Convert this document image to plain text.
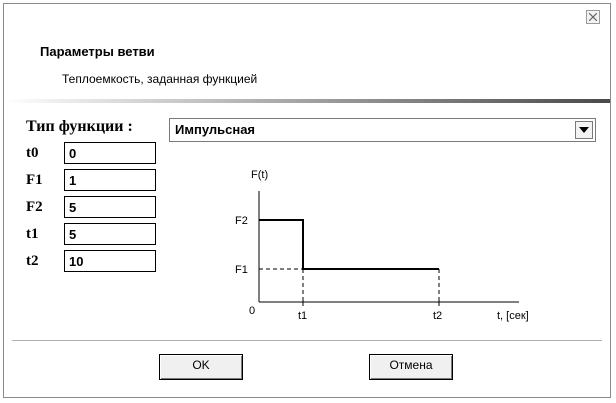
Параметры ветви
Теплоемкость, заданная функцией
Тип функции :	Импульсная
t0	0
F1	1
F2	5
t1	5
t2	10
F(t)
F2
F1
0	t1	t2	t, [сек]
OK	Отмена
